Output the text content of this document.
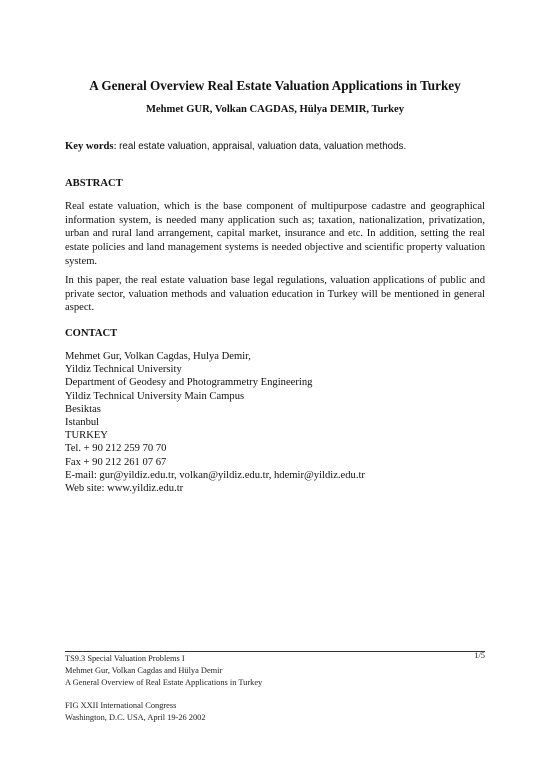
A General Overview Real Estate Valuation Applications in Turkey
Mehmet GUR, Volkan CAGDAS, Hülya DEMIR, Turkey
Key words: real estate valuation, appraisal, valuation data, valuation methods.
ABSTRACT

Real estate valuation, which is the base component of multipurpose cadastre and geographical information system, is needed many application such as; taxation, nationalization, privatization, urban and rural land arrangement, capital market, insurance and etc. In addition, setting the real estate policies and land management systems is needed objective and scientific property valuation system.

In this paper, the real estate valuation base legal regulations, valuation applications of public and private sector, valuation methods and valuation education in Turkey will be mentioned in general aspect.

CONTACT
Mehmet Gur, Volkan Cagdas, Hulya Demir,
Yildiz Technical University
Department of Geodesy and Photogrammetry Engineering
Yildiz Technical University Main Campus
Besiktas
Istanbul
TURKEY
Tel. + 90 212 259 70 70
Fax + 90 212 261 07 67
E-mail: gur@yildiz.edu.tr, volkan@yildiz.edu.tr, hdemir@yildiz.edu.tr
Web site: www.yildiz.edu.tr
TS9.3 Special Valuation Problems I	1/5
Mehmet Gur, Volkan Cagdas and Hülya Demir
A General Overview of Real Estate Applications in Turkey
FIG XXII International Congress
Washington, D.C. USA, April 19-26 2002
